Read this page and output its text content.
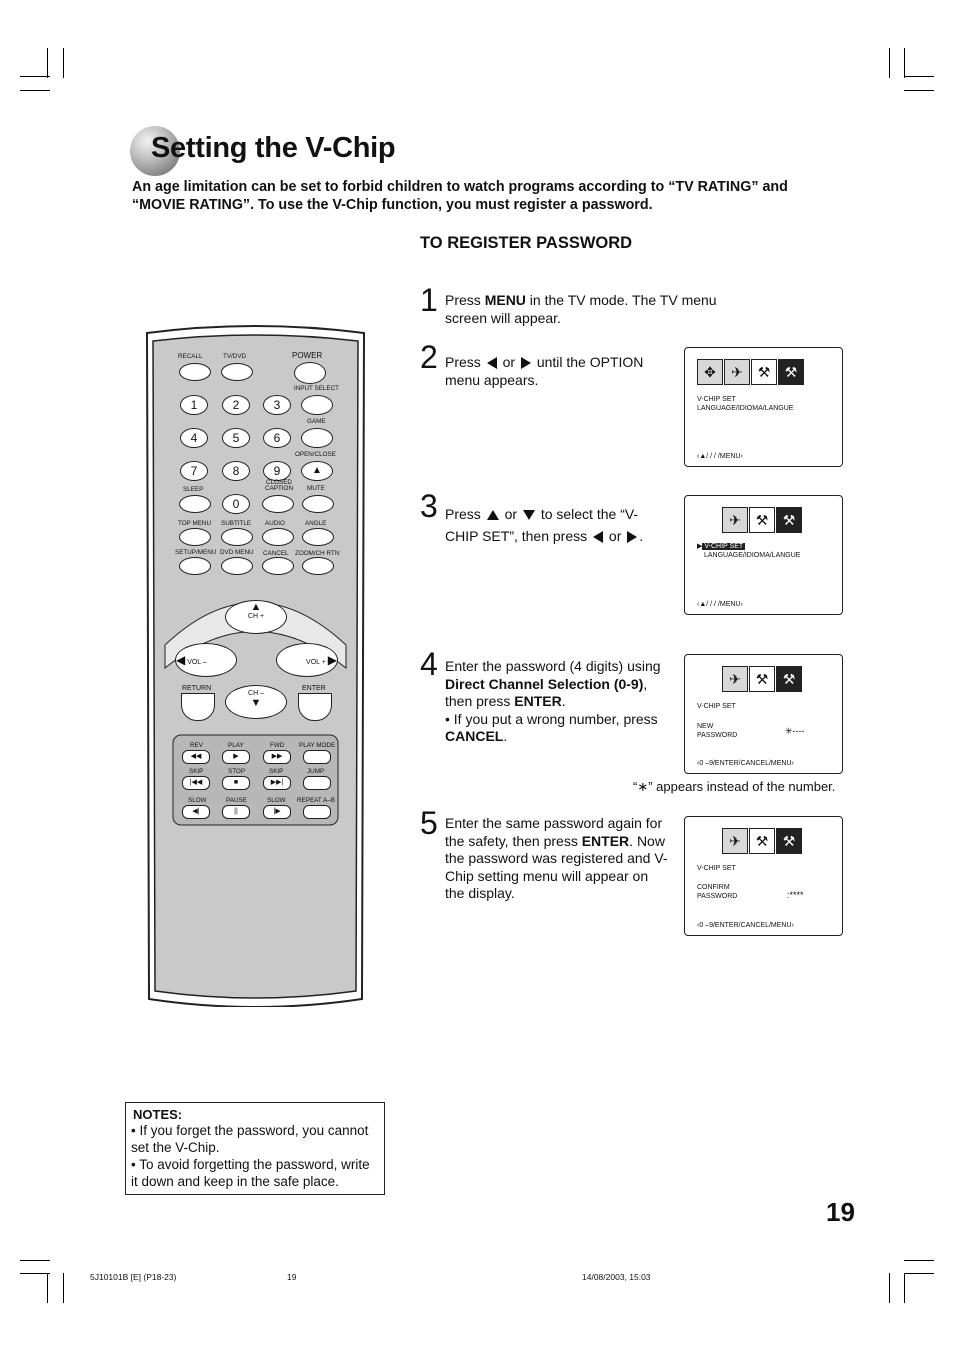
Setting the V-Chip
An age limitation can be set to forbid children to watch programs according to “TV RATING” and “MOVIE RATING”. To use the V-Chip function, you must register a password.
TO REGISTER PASSWORD
1 Press MENU in the TV mode. The TV menu screen will appear.
2 Press or until the OPTION menu appears.	✥	✈	⚒	⚒
V-CHIP SET
LANGUAGE/IDIOMA/LANGUE
‹▲/ / / /MENU›
3 Press or to select the “V-CHIP SET”, then press or .
✈	⚒	⚒
▶ V-CHIP SET
LANGUAGE/IDIOMA/LANGUE
‹▲/ / / /MENU›
4 Enter the password (4 digits) using Direct Channel Selection (0-9), then press ENTER.
• If you put a wrong number, press CANCEL.
✈	⚒	⚒
V-CHIP SET
NEW
PASSWORD	✳----
‹0 –9/ENTER/CANCEL/MENU›
“∗” appears instead of the number.
5 Enter the same password again for the safety, then press ENTER. Now the password was registered and V-Chip setting menu will appear on the display.
✈	⚒	⚒
V-CHIP SET
CONFIRM
PASSWORD	:****
‹0 –9/ENTER/CANCEL/MENU›
RECALL	TV/DVD	POWER
INPUT SELECT
1	2	3
GAME
4	5	6
OPEN/CLOSE
7	8	9	▲
SLEEP
CLOSED CAPTION	MUTE
0
TOP MENU SUBTITLE AUDIO	ANGLE
SETUP/MENU DVD MENU CANCEL ZOOM/CH RTN
▲
CH +
◀ VOL –	VOL + ▶
RETURN	ENTER
CH –
▼
REV	PLAY	FWD PLAY MODE
◀◀	▶	▶▶
SKIP	STOP	SKIP	JUMP
|◀◀	■	▶▶|
SLOW	PAUSE	SLOW REPEAT A–B
◀|	||	|▶
NOTES:
• If you forget the password, you cannot set the V-Chip.
• To avoid forgetting the password, write it down and keep in the safe place.
19
5J10101B [E] (P18-23)	19	14/08/2003, 15:03
